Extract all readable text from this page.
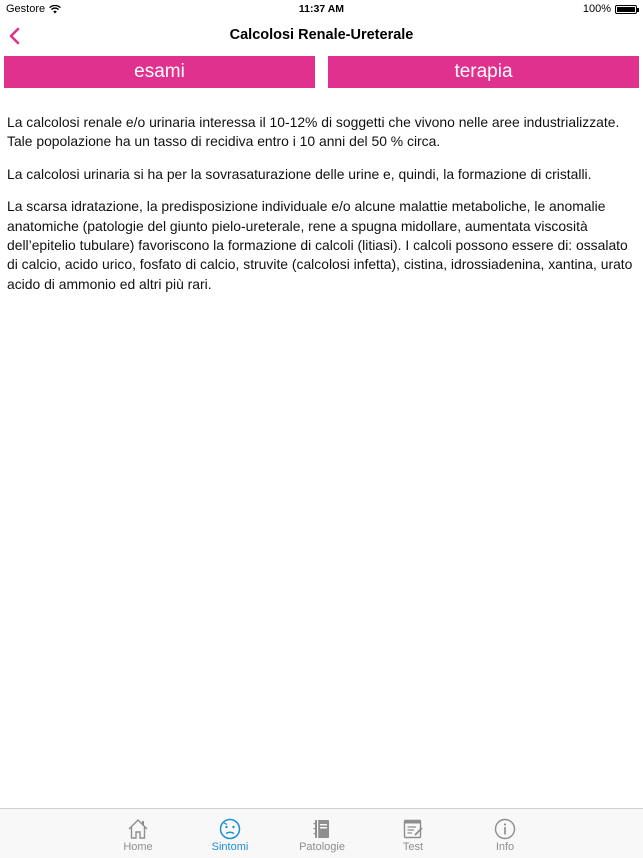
Gestore	11:37 AM	100%
Calcolosi Renale-Ureterale
esami	terapia

La calcolosi renale e/o urinaria interessa il 10-12% di soggetti che vivono nelle aree industrializzate. Tale popolazione ha un tasso di recidiva entro i 10 anni del 50 % circa.

La calcolosi urinaria si ha per la sovrasaturazione delle urine e, quindi, la formazione di cristalli.

La scarsa idratazione, la predisposizione individuale e/o alcune malattie metaboliche, le anomalie anatomiche (patologie del giunto pielo-ureterale, rene a spugna midollare, aumentata viscosità dell’epitelio tubulare) favoriscono la formazione di calcoli (litiasi). I calcoli possono essere di: ossalato di calcio, acido urico, fosfato di calcio, struvite (calcolosi infetta), cistina, idrossiadenina, xantina, urato acido di ammonio ed altri più rari.

Home	Sintomi	Patologie	Test	Info
